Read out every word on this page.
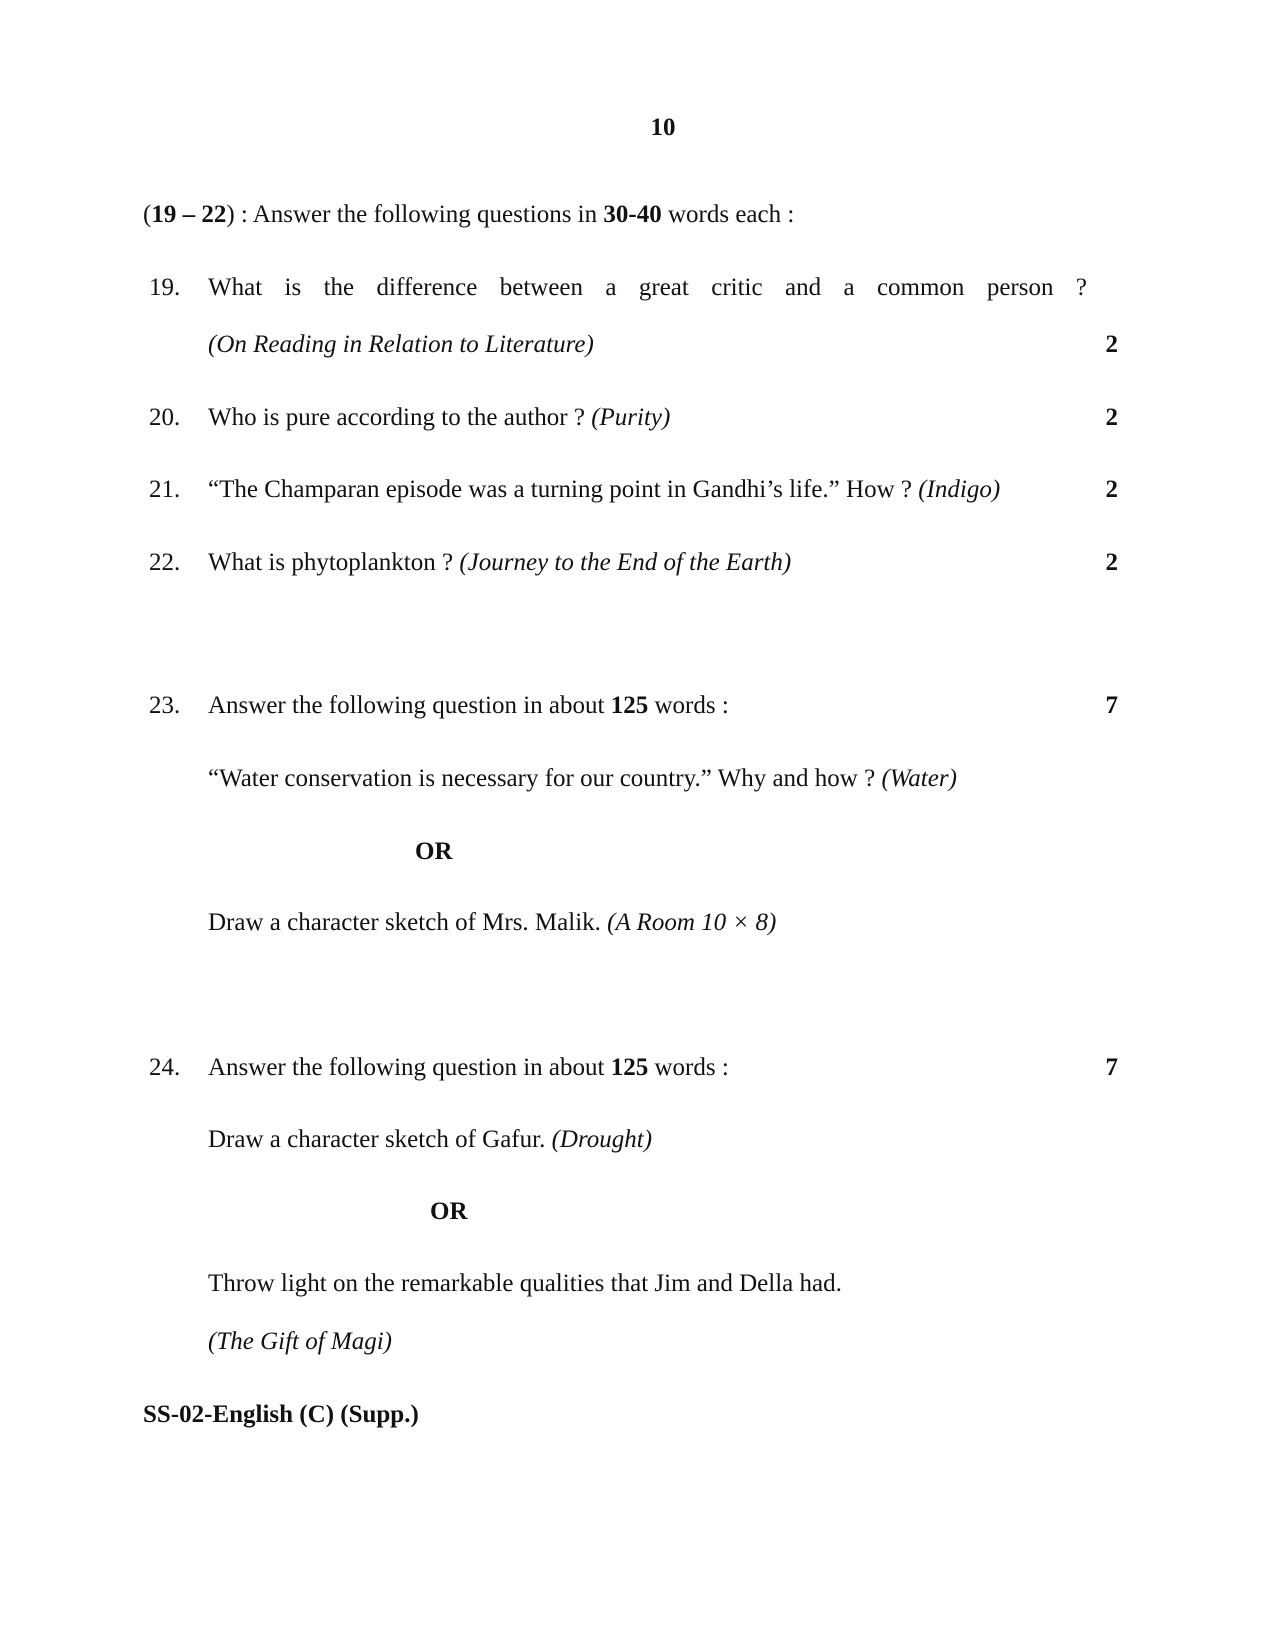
10
(19 – 22) : Answer the following questions in 30-40 words each :
19. What is the difference between a great critic and a common person ?
(On Reading in Relation to Literature)	2
20. Who is pure according to the author ? (Purity)	2
21. “The Champaran episode was a turning point in Gandhi’s life.” How ? (Indigo)	2
22. What is phytoplankton ? (Journey to the End of the Earth)	2
23. Answer the following question in about 125 words :	7
“Water conservation is necessary for our country.” Why and how ? (Water)
OR
Draw a character sketch of Mrs. Malik. (A Room 10 × 8)
24. Answer the following question in about 125 words :	7
Draw a character sketch of Gafur. (Drought)
OR
Throw light on the remarkable qualities that Jim and Della had.
(The Gift of Magi)
SS-02-English (C) (Supp.)
